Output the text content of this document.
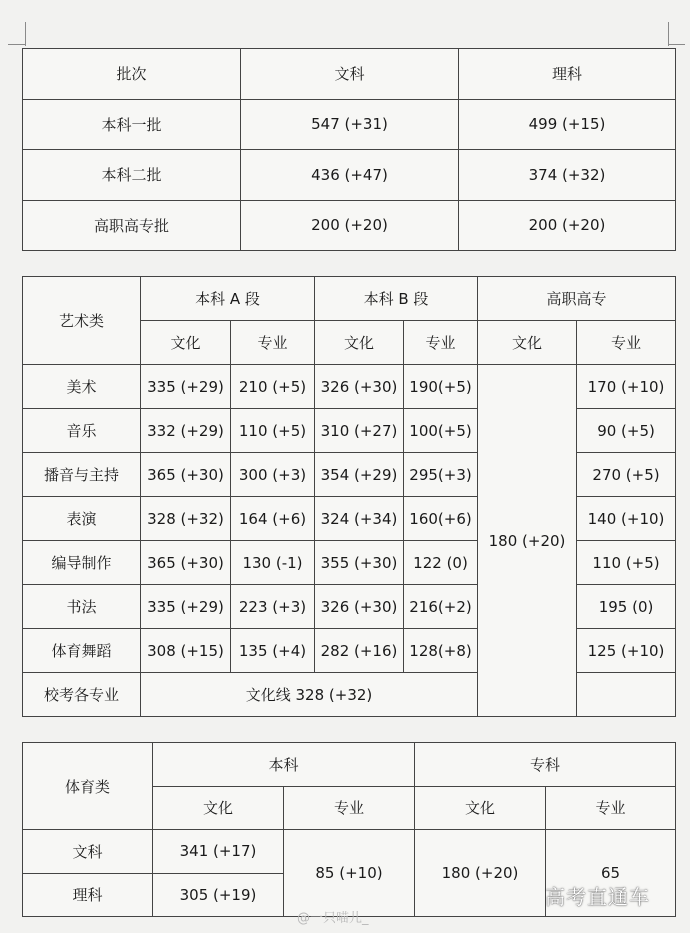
批次	文科	理科
本科一批	547 (+31)	499 (+15)
本科二批	436 (+47)	374 (+32)
高职高专批	200 (+20)	200 (+20)
艺术类	本科 A 段		本科 B 段		高职高专	
	文化	专业	文化	专业	文化	专业
美术	335 (+29)	210 (+5)	326 (+30)	190(+5)	180 (+20)	170 (+10)
音乐	332 (+29)	110 (+5)	310 (+27)	100(+5)		90 (+5)
播音与主持	365 (+30)	300 (+3)	354 (+29)	295(+3)		270 (+5)
表演	328 (+32)	164 (+6)	324 (+34)	160(+6)		140 (+10)
编导制作	365 (+30)	130 (-1)	355 (+30)	122 (0)		110 (+5)
书法	335 (+29)	223 (+3)	326 (+30)	216(+2)		195 (0)
体育舞蹈	308 (+15)	135 (+4)	282 (+16)	128(+8)		125 (+10)
校考各专业	文化线 328 (+32)					
体育类	本科		专科	
	文化	专业	文化	专业
文科	341 (+17)	85 (+10)	180 (+20)	65
理科	305 (+19)			
@一只喵儿_
高考直通车
